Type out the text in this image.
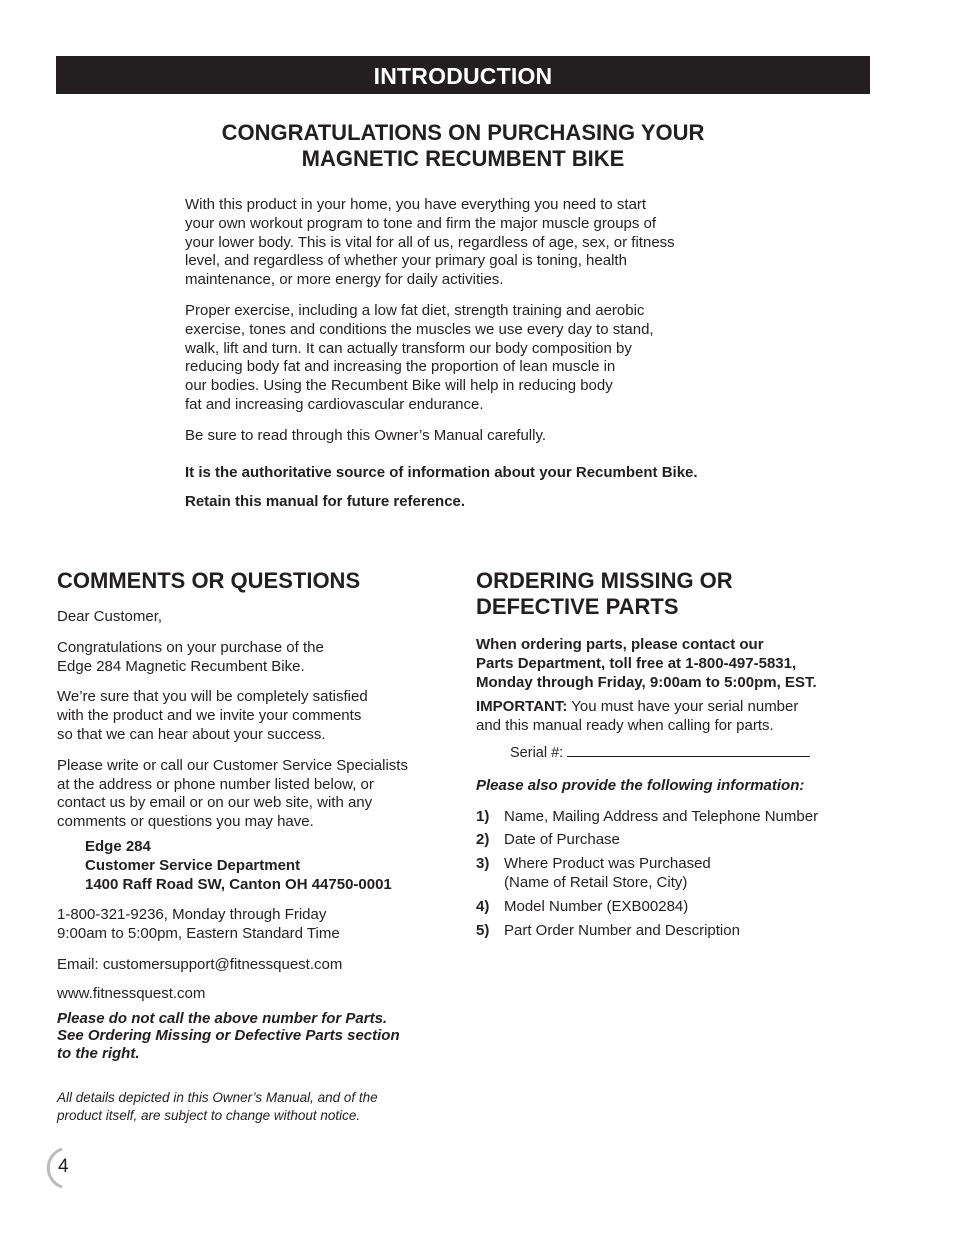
INTRODUCTION
CONGRATULATIONS ON PURCHASING YOUR
MAGNETIC RECUMBENT BIKE

With this product in your home, you have everything you need to start
your own workout program to tone and firm the major muscle groups of
your lower body. This is vital for all of us, regardless of age, sex, or fitness
level, and regardless of whether your primary goal is toning, health
maintenance, or more energy for daily activities.

Proper exercise, including a low fat diet, strength training and aerobic
exercise, tones and conditions the muscles we use every day to stand,
walk, lift and turn. It can actually transform our body composition by
reducing body fat and increasing the proportion of lean muscle in
our bodies. Using the Recumbent Bike will help in reducing body
fat and increasing cardiovascular endurance.

Be sure to read through this Owner’s Manual carefully.

It is the authoritative source of information about your Recumbent Bike.

Retain this manual for future reference.

COMMENTS OR QUESTIONS

Dear Customer,

Congratulations on your purchase of the
Edge 284 Magnetic Recumbent Bike.

We’re sure that you will be completely satisfied
with the product and we invite your comments
so that we can hear about your success.

Please write or call our Customer Service Specialists
at the address or phone number listed below, or
contact us by email or on our web site, with any
comments or questions you may have.

Edge 284
Customer Service Department
1400 Raff Road SW, Canton OH 44750-0001

1-800-321-9236, Monday through Friday
9:00am to 5:00pm, Eastern Standard Time

Email: customersupport@fitnessquest.com

www.fitnessquest.com

Please do not call the above number for Parts.
See Ordering Missing or Defective Parts section
to the right.

All details depicted in this Owner’s Manual, and of the
product itself, are subject to change without notice.
ORDERING MISSING OR
DEFECTIVE PARTS

When ordering parts, please contact our
Parts Department, toll free at 1-800-497-5831,
Monday through Friday, 9:00am to 5:00pm, EST.

IMPORTANT: You must have your serial number
and this manual ready when calling for parts.

Serial #:

Please also provide the following information:

1) Name, Mailing Address and Telephone Number
2) Date of Purchase
3) Where Product was Purchased
(Name of Retail Store, City)
4) Model Number (EXB00284)
5) Part Order Number and Description
4
